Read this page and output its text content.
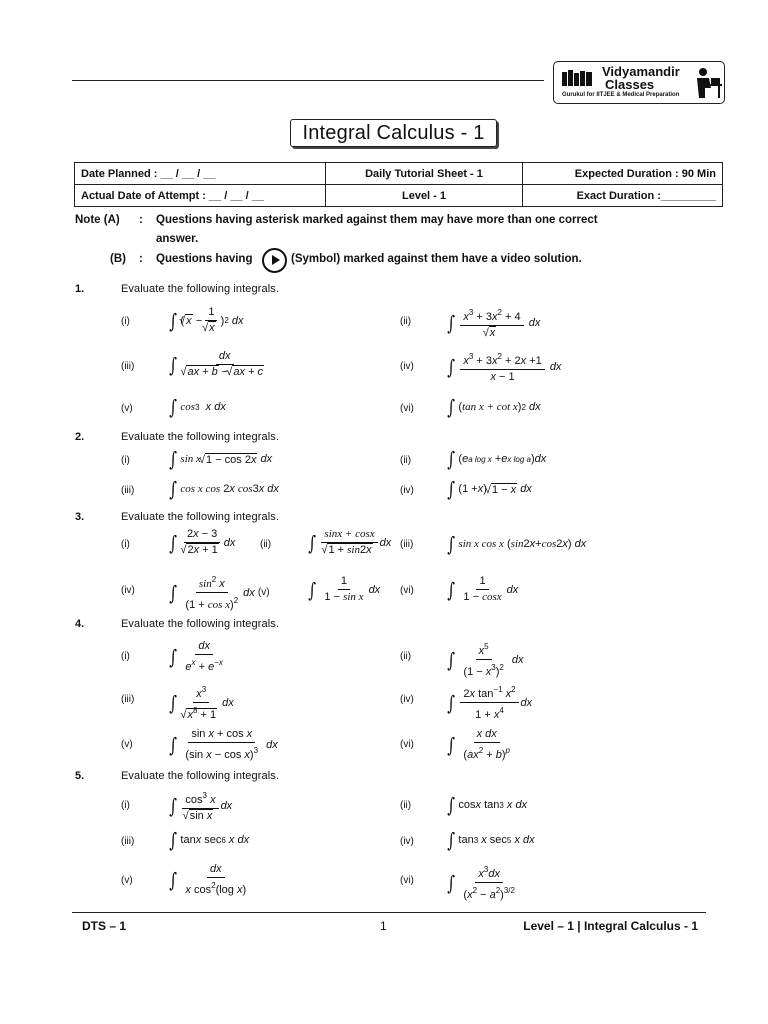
Vidyamandir
Classes
Gurukul for IITJEE & Medical Preparation
Integral Calculus - 1
Date Planned : __ / __ / __	Daily Tutorial Sheet - 1	Expected Duration : 90 Min
Actual Date of Attempt : __ / __ / __	Level - 1	Exact Duration :_________
Note (A) : Questions having asterisk marked against them may have more than one correct
answer.
(B) : Questions having	(Symbol) marked against them have a video solution.
1.	Evaluate the following integrals.
(i) ∫ ( √ x −
1
√ x
) 2
dx	(ii) ∫ $x^3 + 3x^2 + 4$
√ x

dx
(iii) ∫	dx
√ ax + b − √ ax + c	(iv) ∫ $x^3 + 3x^2 + 2x +1$
x − 1

dx
(v) ∫ cos 3
x dx	(vi) ∫ ( tan x + cot x ) 2
dx
2.	Evaluate the following integrals.
(i) ∫ sin x
√ 1 − cos 2x
dx	(ii) ∫ ( e a log x + e x log a ) dx
(iii) ∫ cos x cos 2 x
cos 3 x dx	(iv) ∫ (1 + x ) √ 1 − x
dx
3.	Evaluate the following integrals.
(i) ∫ 2x − 3
√ 2x + 1
dx (ii) ∫ sinx + cosx
√ 1 + sin2x
dx (iii) ∫ sin x cos x ( sin 2 x + cos 2 x ) dx
(iv) ∫ $\sin^2 x$
$(1 + \cos x)^2$
dx
(v) ∫ 1
1 − sin x
dx (vi) ∫ 1
1 − cosx
dx
4.	Evaluate the following integrals.
(i) ∫ dx
$e^x + e^{-x}$
(ii) ∫ $x^5$
$(1 - x^3)^2$

dx
(iii) ∫ $x^3$
√ $x^8 + 1$
dx	(iv) ∫ 2x $\tan^{-1} x^2$
$1 + x^4$
dx
(v) ∫ sin x + cos x
(sin x − cos x)$^3$
dx	(vi) ∫ x dx
$(ax^2 + b)^p$
5.	Evaluate the following integrals.
(i) ∫ $\cos^3 x$
√ sin x
dx	(ii) ∫ cos x tan 3
x dx
(iii) ∫ tan x sec 6
x dx	(iv) ∫ tan 3
x sec 5
x dx
(v) ∫	dx
x $\cos^2(\log$ x)
(vi) ∫ $x^3dx$
$(x^2 - a^2)^{3/2}$
DTS – 1	1	Level – 1 | Integral Calculus - 1
